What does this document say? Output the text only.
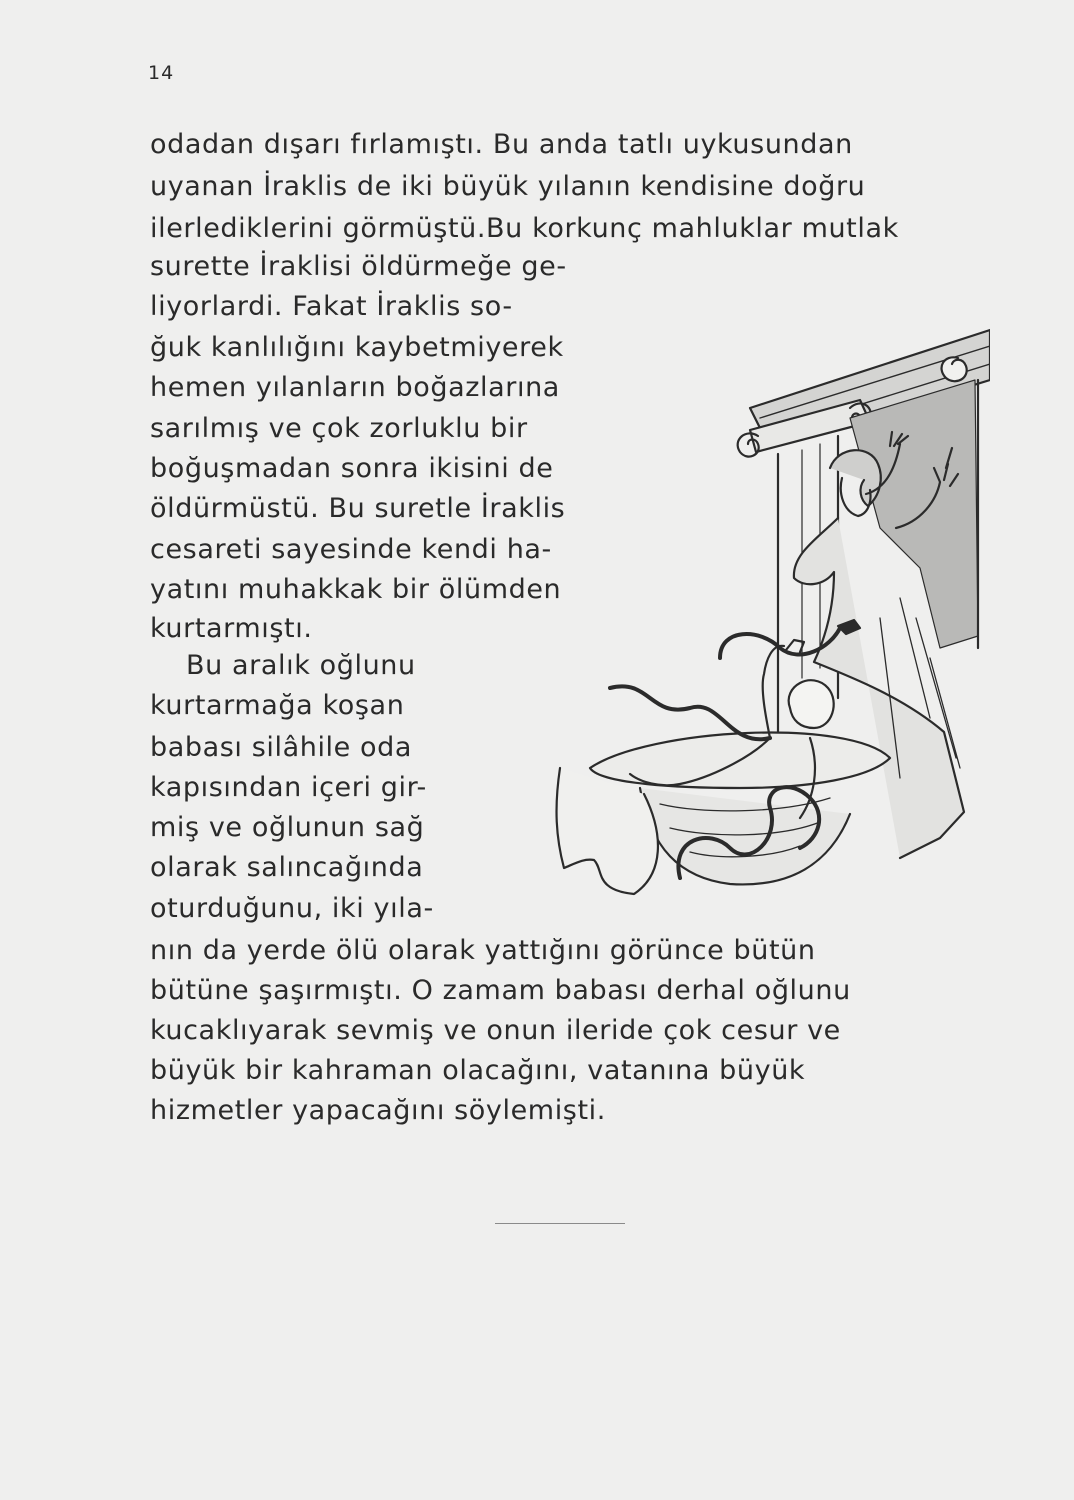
14
odadan dışarı fırlamıştı. Bu anda tatlı uykusundan
uyanan İraklis de iki büyük yılanın kendisine doğru
ilerlediklerini görmüştü.Bu korkunç mahluklar mutlak
surette İraklisi öldürmeğe ge-
liyorlardi. Fakat İraklis so-
ğuk kanlılığını kaybetmiyerek
hemen yılanların boğazlarına
sarılmış ve çok zorluklu bir
boğuşmadan sonra ikisini de
öldürmüstü. Bu suretle İraklis
cesareti sayesinde kendi ha-
yatını muhakkak bir ölümden
kurtarmıştı.
Bu aralık oğlunu
kurtarmağa koşan
babası silâhile oda
kapısından içeri gir-
miş ve oğlunun sağ
olarak salıncağında
oturduğunu, iki yıla-
nın da yerde ölü olarak yattığını görünce bütün
bütüne şaşırmıştı. O zamam babası derhal oğlunu
kucaklıyarak sevmiş ve onun ileride çok cesur ve
büyük bir kahraman olacağını, vatanına büyük
hizmetler yapacağını söylemişti.
